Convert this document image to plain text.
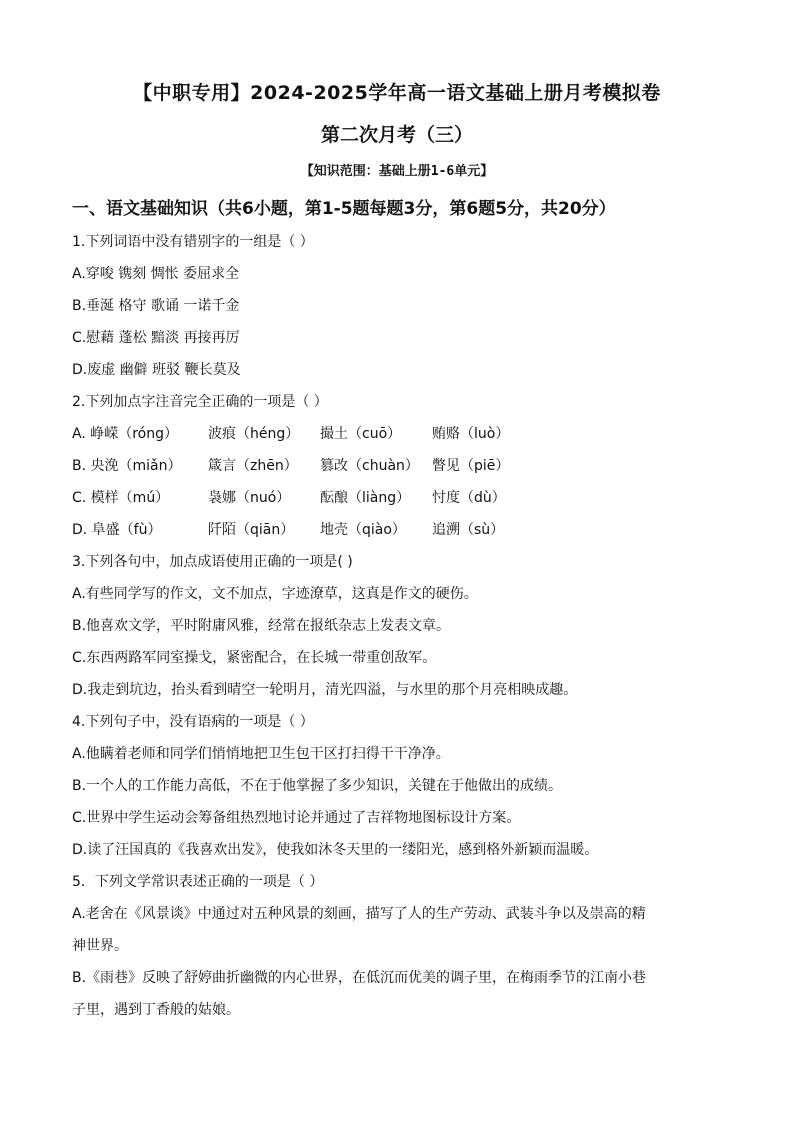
【中职专用】2024-2025学年高一语文基础上册月考模拟卷
第二次月考（三）
【知识范围：基础上册1-6单元】
一、语文基础知识（共6小题，第1-5题每题3分，第6题5分，共20分）
1.下列词语中没有错别字的一组是（ ）
A.穿唆 镌刻 惆怅 委屈求全
B.垂涎 格守 歌诵 一诺千金
C.慰藉 蓬松 黯淡 再接再厉
D.废虚 幽僻 班驳 鞭长莫及
2.下列加点字注音完全正确的一项是（ ）
A. 峥嵘（róng） 波痕（héng） 撮土（cuō） 贿赂（luò）
B. 央浼（miǎn） 箴言（zhēn） 篡改（chuàn） 瞥见（piē）
C. 模样（mú）	袅娜（nuó） 酝酿（liàng） 忖度（dù）
D. 阜盛（fù）	阡陌（qiān） 地壳（qiào） 追溯（sù）
3.下列各句中，加点成语使用正确的一项是( )
A.有些同学写的作文，文不加点，字迹潦草，这真是作文的硬伤。
B.他喜欢文学，平时附庸风雅，经常在报纸杂志上发表文章。
C.东西两路军同室操戈，紧密配合，在长城一带重创敌军。
D.我走到坑边，抬头看到晴空一轮明月，清光四溢，与水里的那个月亮相映成趣。
4.下列句子中，没有语病的一项是（ ）
A.他瞒着老师和同学们悄悄地把卫生包干区打扫得干干净净。
B.一个人的工作能力高低，不在于他掌握了多少知识，关键在于他做出的成绩。
C.世界中学生运动会筹备组热烈地讨论并通过了吉祥物地图标设计方案。
D.读了汪国真的《我喜欢出发》，使我如沐冬天里的一缕阳光，感到格外新颖而温暖。
5．下列文学常识表述正确的一项是（ ）
A.老舍在《风景谈》中通过对五种风景的刻画，描写了人的生产劳动、武装斗争以及崇高的精
神世界。
B.《雨巷》反映了舒婷曲折幽微的内心世界，在低沉而优美的调子里，在梅雨季节的江南小巷
子里，遇到丁香般的姑娘。
